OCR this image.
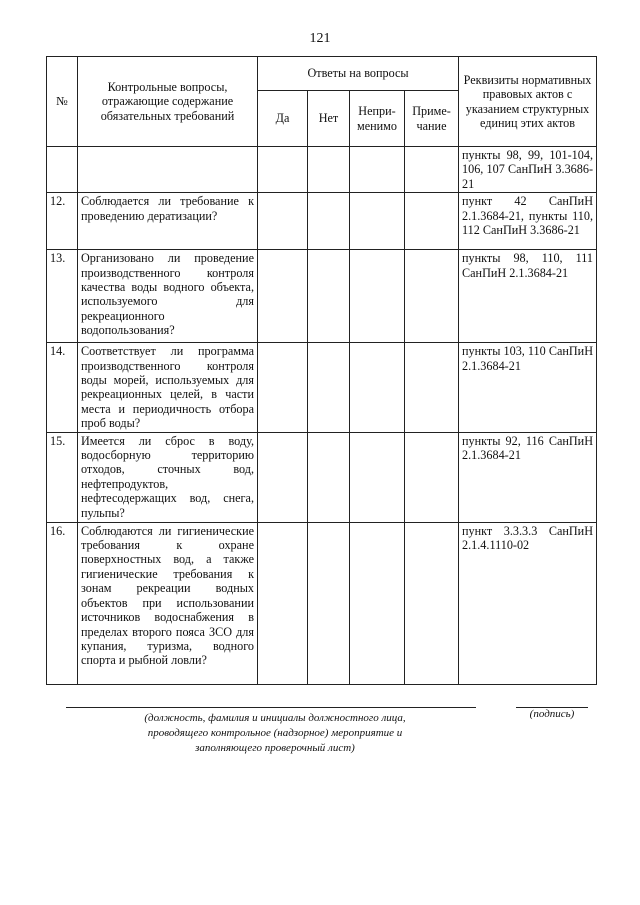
121
№	Контрольные вопросы, отражающие содержание обязательных требований	Ответы на вопросы				Реквизиты нормативных правовых актов с указанием структурных единиц этих актов
		Да	Нет	Непри-менимо	Приме-чание	
						пункты 98, 99, 101-104, 106, 107 СанПиН 3.3686-21
12.	Соблюдается ли требование к проведению дератизации?					пункт 42 СанПиН 2.1.3684-21, пункты 110, 112 СанПиН 3.3686-21
13.	Организовано ли проведение производственного контроля качества воды водного объекта, используемого для рекреационного водопользования?					пункты 98, 110, 111 СанПиН 2.1.3684-21
14.	Соответствует ли программа производственного контроля воды морей, используемых для рекреационных целей, в части места и периодичность отбора проб воды?					пункты 103, 110 СанПиН 2.1.3684-21
15.	Имеется ли сброс в воду, водосборную территорию отходов, сточных вод, нефтепродуктов, нефтесодержащих вод, снега, пульпы?					пункты 92, 116 СанПиН 2.1.3684-21
16.	Соблюдаются ли гигиенические требования к охране поверхностных вод, а также гигиенические требования к зонам рекреации водных объектов при использовании источников водоснабжения в пределах второго пояса ЗСО для купания, туризма, водного спорта и рыбной ловли?					пункт 3.3.3.3 СанПиН 2.1.4.1110-02
(должность, фамилия и инициалы должностного лица, проводящего контрольное (надзорное) мероприятие и заполняющего проверочный лист)
(подпись)
